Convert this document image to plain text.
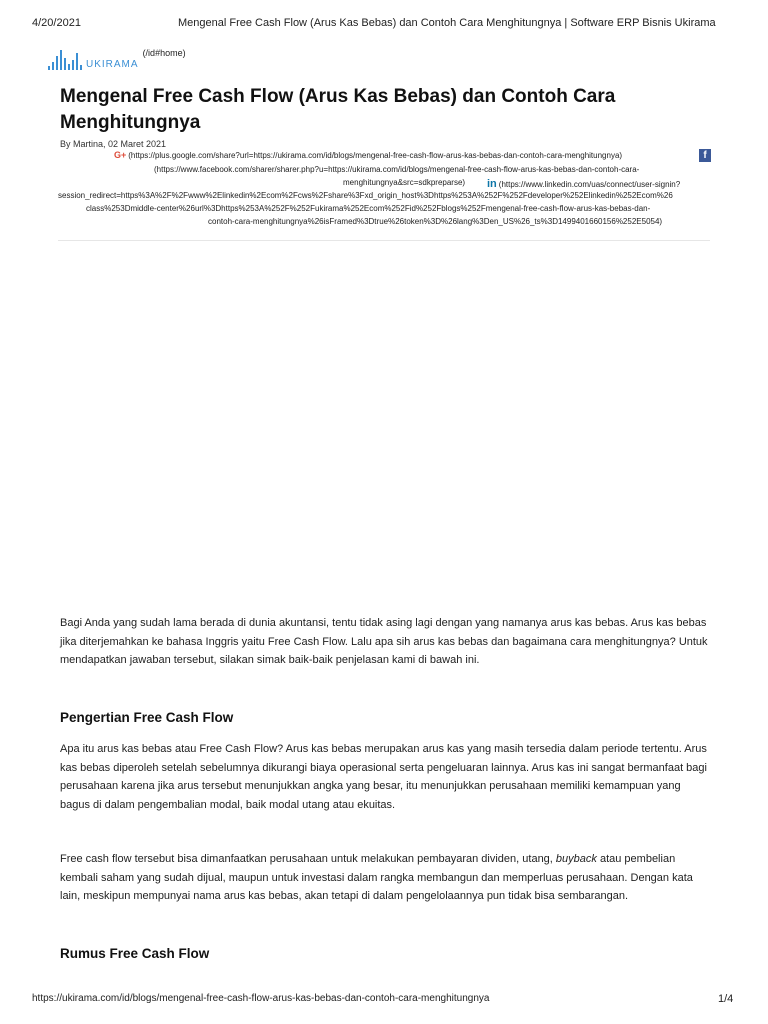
4/20/2021	Mengenal Free Cash Flow (Arus Kas Bebas) dan Contoh Cara Menghitungnya | Software ERP Bisnis Ukirama
UKIRAMA
(/id#home)
Mengenal Free Cash Flow (Arus Kas Bebas) dan Contoh Cara Menghitungnya
By Martina, 02 Maret 2021
G+ (https://plus.google.com/share?url=https://ukirama.com/id/blogs/mengenal-free-cash-flow-arus-kas-bebas-dan-contoh-cara-menghitungnya)	f
(https://www.facebook.com/sharer/sharer.php?u=https://ukirama.com/id/blogs/mengenal-free-cash-flow-arus-kas-bebas-dan-contoh-cara-
menghitungnya&src=sdkpreparse) in (https://www.linkedin.com/uas/connect/user-signin?
session_redirect=https%3A%2F%2Fwww%2Elinkedin%2Ecom%2Fcws%2Fshare%3Fxd_origin_host%3Dhttps%253A%252F%252Fdeveloper%252Elinkedin%252Ecom%26
class%253Dmiddle-center%26url%3Dhttps%253A%252F%252Fukirama%252Ecom%252Fid%252Fblogs%252Fmengenal-free-cash-flow-arus-kas-bebas-dan-
contoh-cara-menghitungnya%26isFramed%3Dtrue%26token%3D%26lang%3Den_US%26_ts%3D1499401660156%252E5054)

Bagi Anda yang sudah lama berada di dunia akuntansi, tentu tidak asing lagi dengan yang namanya arus kas bebas. Arus kas bebas jika diterjemahkan ke bahasa Inggris yaitu Free Cash Flow. Lalu apa sih arus kas bebas dan bagaimana cara menghitungnya? Untuk mendapatkan jawaban tersebut, silakan simak baik-baik penjelasan kami di bawah ini.

Pengertian Free Cash Flow

Apa itu arus kas bebas atau Free Cash Flow? Arus kas bebas merupakan arus kas yang masih tersedia dalam periode tertentu. Arus kas bebas diperoleh setelah sebelumnya dikurangi biaya operasional serta pengeluaran lainnya. Arus kas ini sangat bermanfaat bagi perusahaan karena jika arus tersebut menunjukkan angka yang besar, itu menunjukkan perusahaan memiliki kemampuan yang bagus di dalam pengembalian modal, baik modal utang atau ekuitas.

Free cash flow tersebut bisa dimanfaatkan perusahaan untuk melakukan pembayaran dividen, utang, buyback atau pembelian kembali saham yang sudah dijual, maupun untuk investasi dalam rangka membangun dan memperluas perusahaan. Dengan kata lain, meskipun mempunyai nama arus kas bebas, akan tetapi di dalam pengelolaannya pun tidak bisa sembarangan.

Rumus Free Cash Flow
https://ukirama.com/id/blogs/mengenal-free-cash-flow-arus-kas-bebas-dan-contoh-cara-menghitungnya	1/4
